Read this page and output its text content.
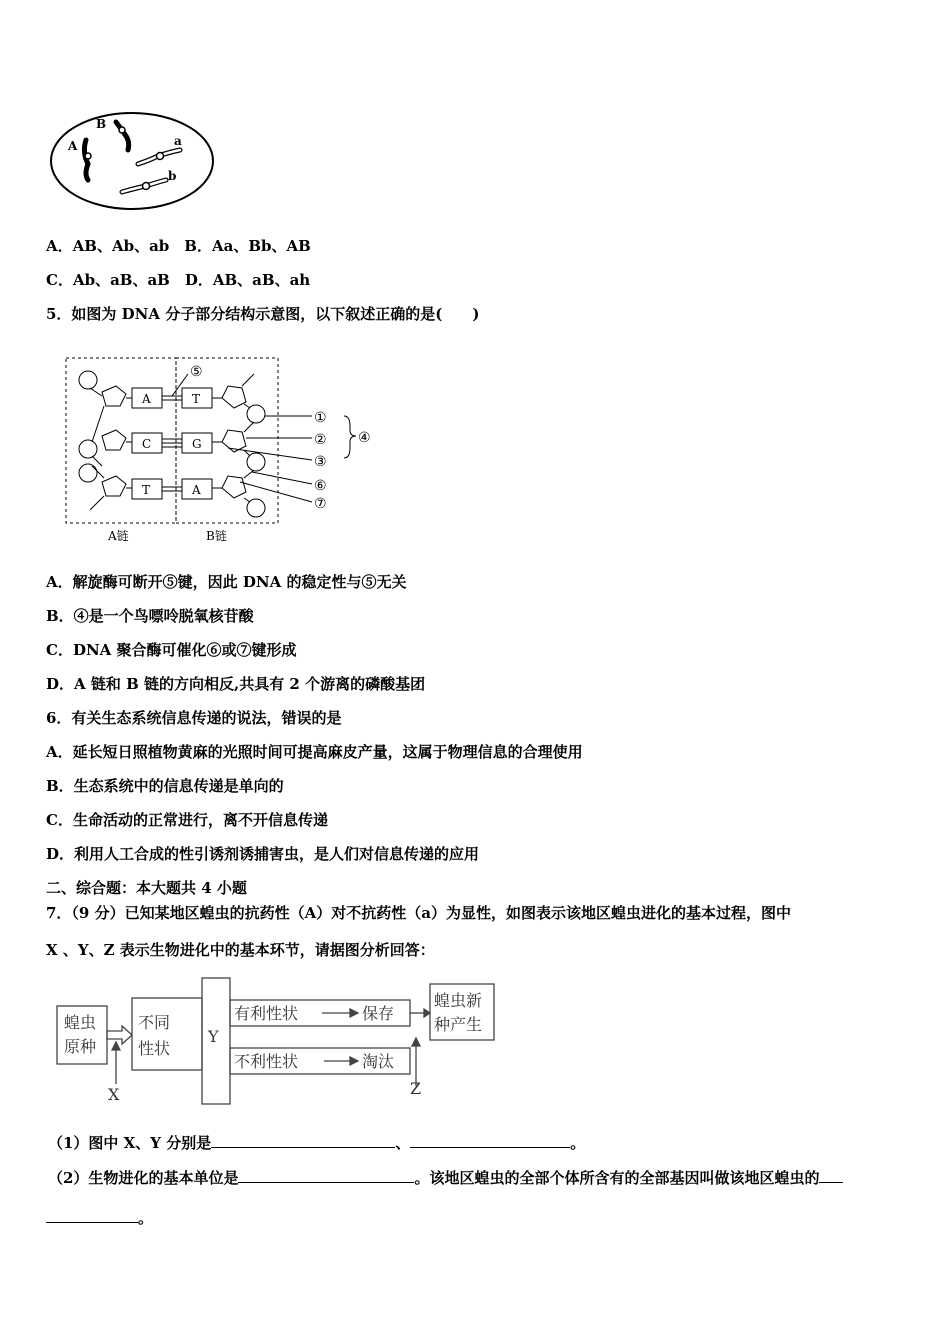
A
B
a
b
A．AB、Ab、ab　B．Aa、Bb、AB
C．Ab、aB、aB　D．AB、aB、ah
5．如图为 DNA 分子部分结构示意图，以下叙述正确的是(　　)
A
C
T
T
G
A
⑤
①
②
③
⑥
⑦
④
A链	B链
A．解旋酶可断开⑤键，因此 DNA 的稳定性与⑤无关
B．④是一个鸟嘌呤脱氧核苷酸
C．DNA 聚合酶可催化⑥或⑦键形成
D．A 链和 B 链的方向相反,共具有 2 个游离的磷酸基团
6．有关生态系统信息传递的说法，错误的是
A．延长短日照植物黄麻的光照时间可提高麻皮产量，这属于物理信息的合理使用
B．生态系统中的信息传递是单向的
C．生命活动的正常进行，离不开信息传递
D．利用人工合成的性引诱剂诱捕害虫，是人们对信息传递的应用
二、综合题：本大题共 4 小题
7．（9 分）已知某地区蝗虫的抗药性（A）对不抗药性（a）为显性，如图表示该地区蝗虫进化的基本过程，图中
X 、Y、Z 表示生物进化中的基本环节，请据图分析回答：
蝗虫
原种
不同
性状
Y
有利性状	保存
不利性状	淘汰
蝗虫新
种产生
X	Z
（1）图中 X、Y 分别是	、	。
（2）生物进化的基本单位是	。该地区蝗虫的全部个体所含有的全部基因叫做该地区蝗虫的
。
